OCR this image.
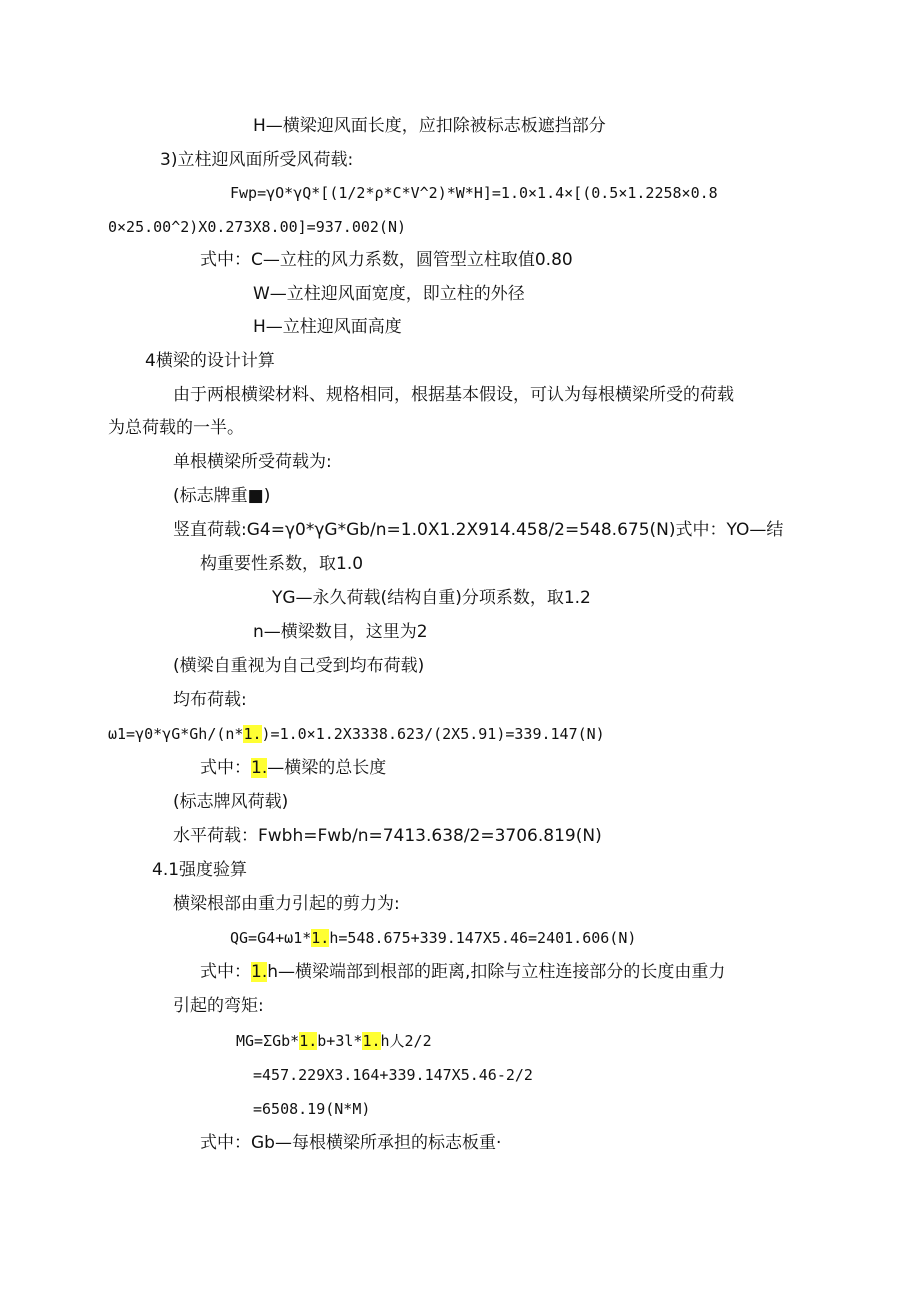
H—横梁迎风面长度，应扣除被标志板遮挡部分
3)立柱迎风面所受风荷载:
Fwp=γO*γQ*[(1/2*ρ*C*V^2)*W*H]=1.0×1.4×[(0.5×1.2258×0.8
0×25.00^2)X0.273X8.00]=937.002(N)
式中：C—立柱的风力系数，圆管型立柱取值0.80
W—立柱迎风面宽度，即立柱的外径
H—立柱迎风面高度
4横梁的设计计算
由于两根横梁材料、规格相同，根据基本假设，可认为每根横梁所受的荷载
为总荷载的一半。
单根横梁所受荷载为:
(标志牌重■)
竖直荷载:G4=γ0*γG*Gb/n=1.0X1.2X914.458/2=548.675(N)式中：YO—结
构重要性系数，取1.0
YG—永久荷载(结构自重)分项系数，取1.2
n—横梁数目，这里为2
(横梁自重视为自己受到均布荷载)
均布荷载:
ω1=γ0*γG*Gh/(n*1.)=1.0×1.2X3338.623/(2X5.91)=339.147(N)
式中：1.—横梁的总长度
(标志牌风荷载)
水平荷载：Fwbh=Fwb/n=7413.638/2=3706.819(N)
4.1强度验算
横梁根部由重力引起的剪力为:
QG=G4+ω1*1.h=548.675+339.147X5.46=2401.606(N)
式中：1.h—横梁端部到根部的距离,扣除与立柱连接部分的长度由重力
引起的弯矩:
MG=ΣGb*1.b+3l*1.h人2/2
=457.229X3.164+339.147X5.46-2/2
=6508.19(N*M)
式中：Gb—每根横梁所承担的标志板重·
